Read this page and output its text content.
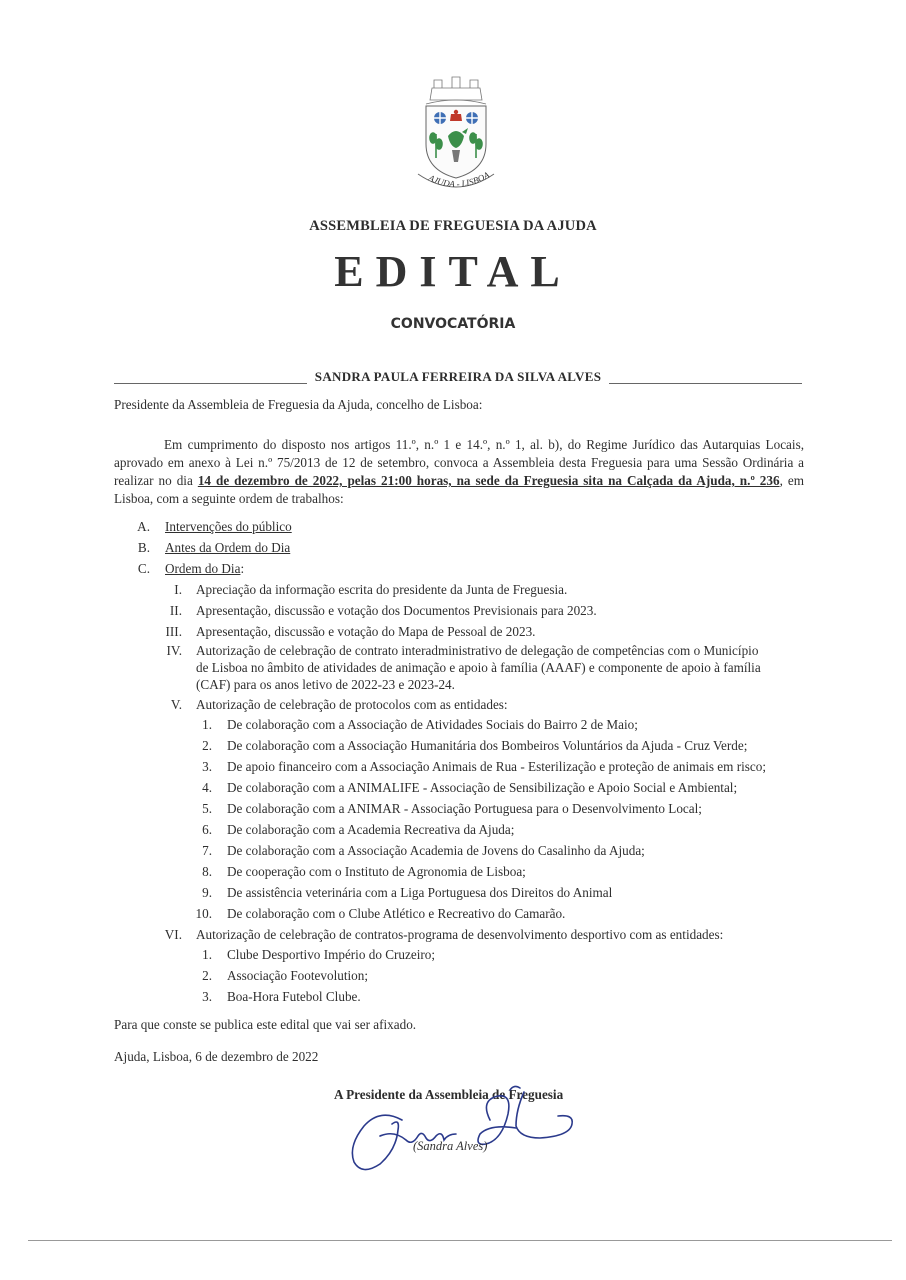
AJUDA - LISBOA
ASSEMBLEIA DE FREGUESIA DA AJUDA
EDITAL
CONVOCATÓRIA
SANDRA PAULA FERREIRA DA SILVA ALVES
Presidente da Assembleia de Freguesia da Ajuda, concelho de Lisboa:
Em cumprimento do disposto nos artigos 11.º, n.º 1 e 14.º, n.º 1, al. b), do Regime Jurídico das Autarquias Locais, aprovado em anexo à Lei n.º 75/2013 de 12 de setembro, convoca a Assembleia desta Freguesia para uma Sessão Ordinária a realizar no dia 14 de dezembro de 2022, pelas 21:00 horas, na sede da Freguesia sita na Calçada da Ajuda, n.º 236, em Lisboa, com a seguinte ordem de trabalhos:
A. Intervenções do público
B. Antes da Ordem do Dia
C. Ordem do Dia:
I. Apreciação da informação escrita do presidente da Junta de Freguesia.
II. Apresentação, discussão e votação dos Documentos Previsionais para 2023.
III. Apresentação, discussão e votação do Mapa de Pessoal de 2023.
IV. Autorização de celebração de contrato interadministrativo de delegação de competências com o Município
de Lisboa no âmbito de atividades de animação e apoio à família (AAAF) e componente de apoio à família
(CAF) para os anos letivo de 2022-23 e 2023-24.
V. Autorização de celebração de protocolos com as entidades:
1. De colaboração com a Associação de Atividades Sociais do Bairro 2 de Maio;
2. De colaboração com a Associação Humanitária dos Bombeiros Voluntários da Ajuda - Cruz Verde;
3. De apoio financeiro com a Associação Animais de Rua - Esterilização e proteção de animais em risco;
4. De colaboração com a ANIMALIFE - Associação de Sensibilização e Apoio Social e Ambiental;
5. De colaboração com a ANIMAR - Associação Portuguesa para o Desenvolvimento Local;
6. De colaboração com a Academia Recreativa da Ajuda;
7. De colaboração com a Associação Academia de Jovens do Casalinho da Ajuda;
8. De cooperação com o Instituto de Agronomia de Lisboa;
9. De assistência veterinária com a Liga Portuguesa dos Direitos do Animal
10. De colaboração com o Clube Atlético e Recreativo do Camarão.
VI. Autorização de celebração de contratos-programa de desenvolvimento desportivo com as entidades:
1. Clube Desportivo Império do Cruzeiro;
2. Associação Footevolution;
3. Boa-Hora Futebol Clube.
Para que conste se publica este edital que vai ser afixado.
Ajuda, Lisboa, 6 de dezembro de 2022
A Presidente da Assembleia de Freguesia
(Sandra Alves)
